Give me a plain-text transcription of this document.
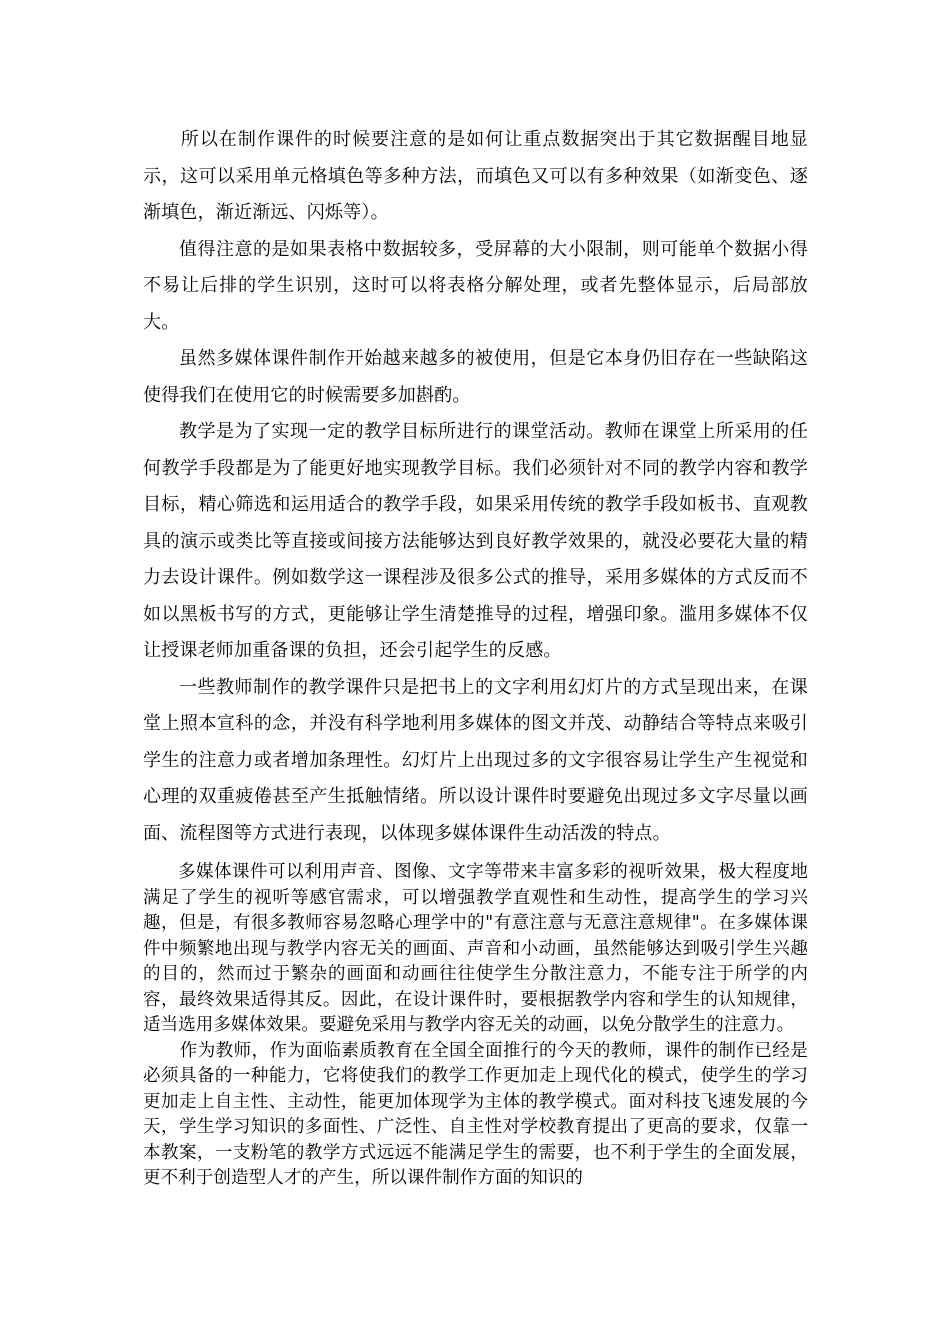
所以在制作课件的时候要注意的是如何让重点数据突出于其它数据醒目地显示，这可以采用单元格填色等多种方法，而填色又可以有多种效果（如渐变色、逐渐填色，渐近渐远、闪烁等）。

值得注意的是如果表格中数据较多，受屏幕的大小限制，则可能单个数据小得不易让后排的学生识别，这时可以将表格分解处理，或者先整体显示，后局部放大。

虽然多媒体课件制作开始越来越多的被使用，但是它本身仍旧存在一些缺陷这使得我们在使用它的时候需要多加斟酌。

教学是为了实现一定的教学目标所进行的课堂活动。教师在课堂上所采用的任何教学手段都是为了能更好地实现教学目标。我们必须针对不同的教学内容和教学目标，精心筛选和运用适合的教学手段，如果采用传统的教学手段如板书、直观教具的演示或类比等直接或间接方法能够达到良好教学效果的，就没必要花大量的精力去设计课件。例如数学这一课程涉及很多公式的推导，采用多媒体的方式反而不如以黑板书写的方式，更能够让学生清楚推导的过程，增强印象。滥用多媒体不仅让授课老师加重备课的负担，还会引起学生的反感。

一些教师制作的教学课件只是把书上的文字利用幻灯片的方式呈现出来，在课堂上照本宣科的念，并没有科学地利用多媒体的图文并茂、动静结合等特点来吸引学生的注意力或者增加条理性。幻灯片上出现过多的文字很容易让学生产生视觉和心理的双重疲倦甚至产生抵触情绪。所以设计课件时要避免出现过多文字尽量以画面、流程图等方式进行表现，以体现多媒体课件生动活泼的特点。

多媒体课件可以利用声音、图像、文字等带来丰富多彩的视听效果，极大程度地满足了学生的视听等感官需求，可以增强教学直观性和生动性，提高学生的学习兴趣，但是，有很多教师容易忽略心理学中的"有意注意与无意注意规律"。在多媒体课件中频繁地出现与教学内容无关的画面、声音和小动画，虽然能够达到吸引学生兴趣的目的，然而过于繁杂的画面和动画往往使学生分散注意力，不能专注于所学的内容，最终效果适得其反。因此，在设计课件时，要根据教学内容和学生的认知规律，适当选用多媒体效果。要避免采用与教学内容无关的动画，以免分散学生的注意力。

作为教师，作为面临素质教育在全国全面推行的今天的教师，课件的制作已经是必须具备的一种能力，它将使我们的教学工作更加走上现代化的模式，使学生的学习更加走上自主性、主动性，能更加体现学为主体的教学模式。面对科技飞速发展的今天，学生学习知识的多面性、广泛性、自主性对学校教育提出了更高的要求，仅靠一本教案，一支粉笔的教学方式远远不能满足学生的需要，也不利于学生的全面发展，更不利于创造型人才的产生，所以课件制作方面的知识的
